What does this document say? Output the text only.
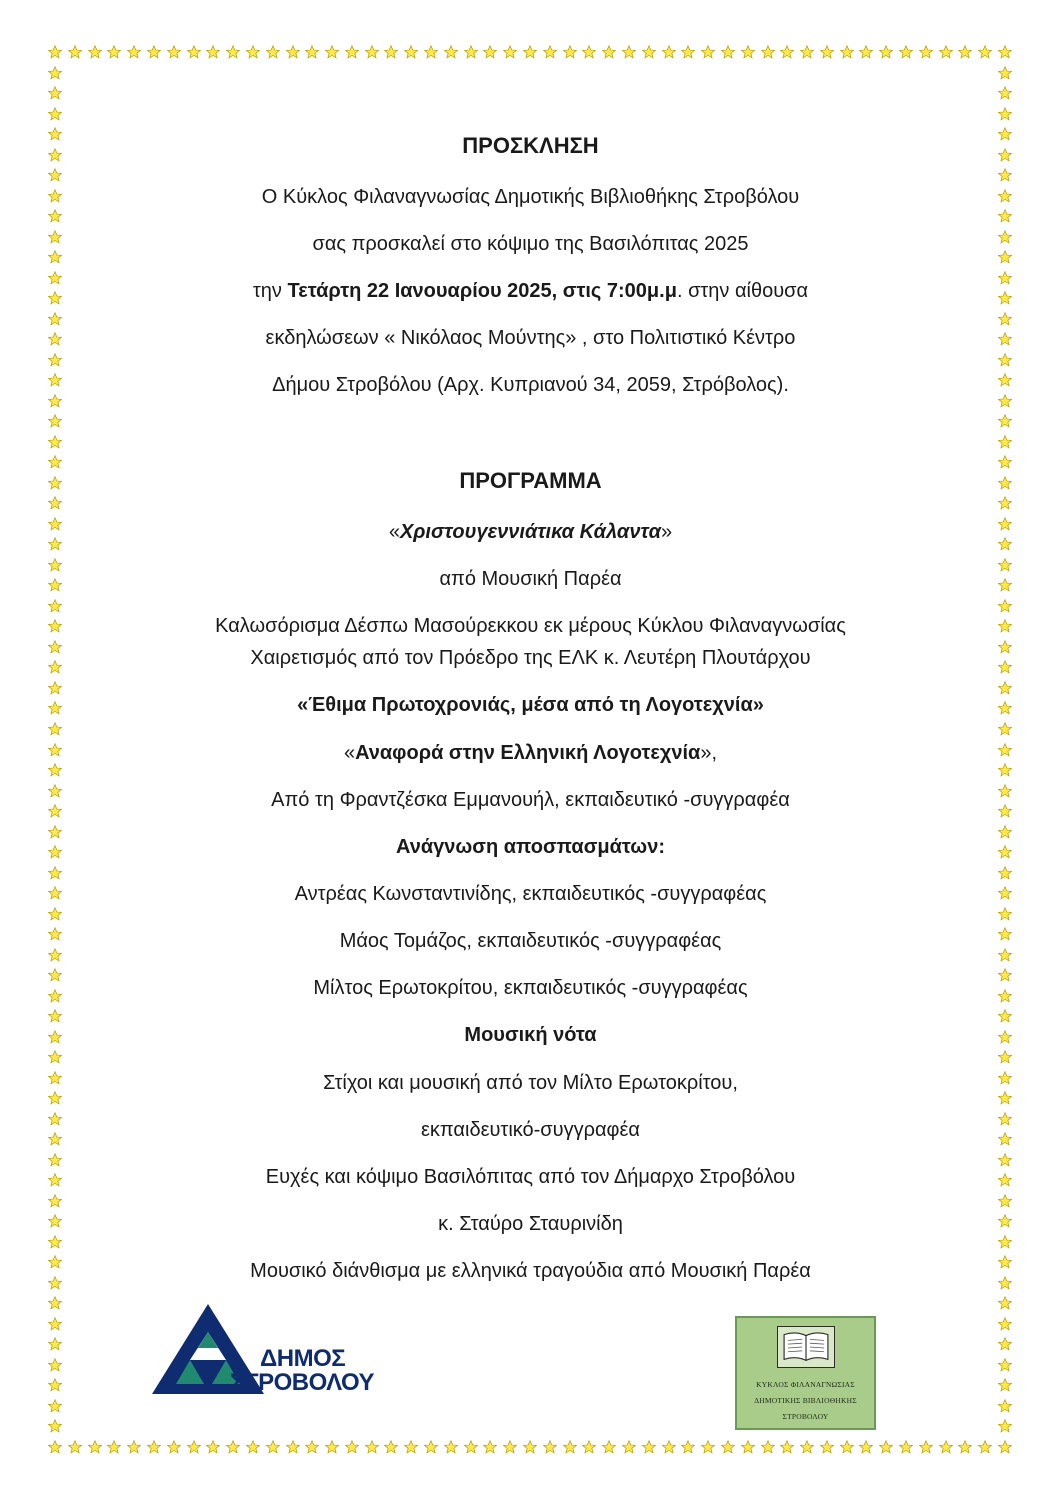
ΠΡΟΣΚΛΗΣΗ
Ο Κύκλος Φιλαναγνωσίας Δημοτικής Βιβλιοθήκης Στροβόλου
σας προσκαλεί στο κόψιμο της Βασιλόπιτας 2025
την Τετάρτη 22 Ιανουαρίου 2025, στις 7:00μ.μ. στην αίθουσα
εκδηλώσεων « Νικόλαος Μούντης» , στο Πολιτιστικό Κέντρο
Δήμου Στροβόλου (Αρχ. Κυπριανού 34, 2059, Στρόβολος).
ΠΡΟΓΡΑΜΜΑ
«Χριστουγεννιάτικα Κάλαντα»
από Μουσική Παρέα
Καλωσόρισμα Δέσπω Μασούρεκκου εκ μέρους Κύκλου Φιλαναγνωσίας
Χαιρετισμός από τον Πρόεδρο της ΕΛΚ κ. Λευτέρη Πλουτάρχου
«Έθιμα Πρωτοχρονιάς, μέσα από τη Λογοτεχνία»
«Αναφορά στην Ελληνική Λογοτεχνία»,
Από τη Φραντζέσκα Εμμανουήλ, εκπαιδευτικό -συγγραφέα
Ανάγνωση αποσπασμάτων:
Αντρέας Κωνσταντινίδης, εκπαιδευτικός -συγγραφέας
Μάος Τομάζος, εκπαιδευτικός -συγγραφέας
Μίλτος Ερωτοκρίτου, εκπαιδευτικός -συγγραφέας
Μουσική νότα
Στίχοι και μουσική από τον Μίλτο Ερωτοκρίτου,
εκπαιδευτικό-συγγραφέα
Ευχές και κόψιμο Βασιλόπιτας από τον Δήμαρχο Στροβόλου
κ. Σταύρο Σταυρινίδη
Μουσικό διάνθισμα με ελληνικά τραγούδια από Μουσική Παρέα
ΔΗΜΟΣ
ΣΤΡΟΒΟΛΟΥ	ΚΥΚΛΟΣ ΦΙΛΑΝΑΓΝΩΣΙΑΣ
ΔΗΜΟΤΙΚΗΣ ΒΙΒΛΙΟΘΗΚΗΣ
ΣΤΡΟΒΟΛΟΥ
